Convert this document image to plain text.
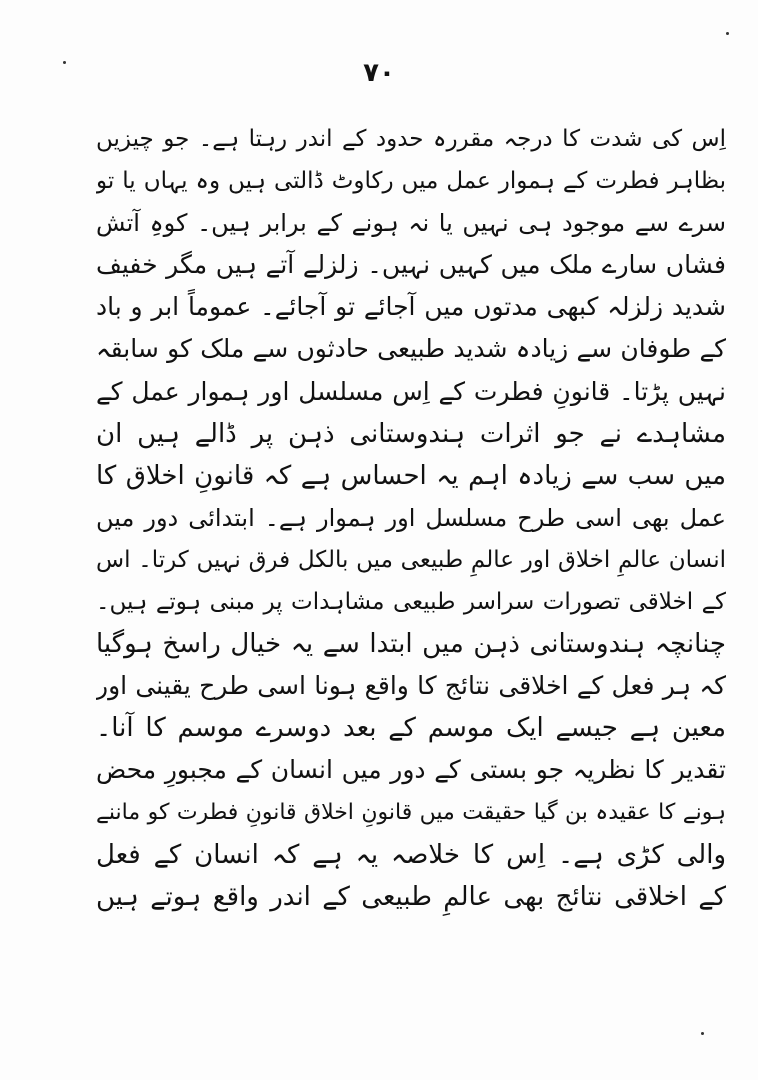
۷۰
اِس کی شدت کا درجہ مقررہ حدود کے اندر رہتا ہے۔ جو چیزیں
بظاہر فطرت کے ہموار عمل میں رکاوٹ ڈالتی ہیں وہ یہاں یا تو
سرے سے موجود ہی نہیں یا نہ ہونے کے برابر ہیں۔ کوہِ آتش
فشاں سارے ملک میں کہیں نہیں۔ زلزلے آتے ہیں مگر خفیف
شدید زلزلہ کبھی مدتوں میں آجائے تو آجائے۔ عموماً ابر و باد
کے طوفان سے زیادہ شدید طبیعی حادثوں سے ملک کو سابقہ
نہیں پڑتا۔ قانونِ فطرت کے اِس مسلسل اور ہموار عمل کے
مشاہدے نے جو اثرات ہندوستانی ذہن پر ڈالے ہیں ان
میں سب سے زیادہ اہم یہ احساس ہے کہ قانونِ اخلاق کا
عمل بھی اسی طرح مسلسل اور ہموار ہے۔ ابتدائی دور میں
انسان عالمِ اخلاق اور عالمِ طبیعی میں بالکل فرق نہیں کرتا۔ اس
کے اخلاقی تصورات سراسر طبیعی مشاہدات پر مبنی ہوتے ہیں۔
چنانچہ ہندوستانی ذہن میں ابتدا سے یہ خیال راسخ ہوگیا
کہ ہر فعل کے اخلاقی نتائج کا واقع ہونا اسی طرح یقینی اور
معین ہے جیسے ایک موسم کے بعد دوسرے موسم کا آنا۔
تقدیر کا نظریہ جو بستی کے دور میں انسان کے مجبورِ محض
ہونے کا عقیدہ بن گیا حقیقت میں قانونِ اخلاق قانونِ فطرت کو ماننے
والی کڑی ہے۔ اِس کا خلاصہ یہ ہے کہ انسان کے فعل
کے اخلاقی نتائج بھی عالمِ طبیعی کے اندر واقع ہوتے ہیں
